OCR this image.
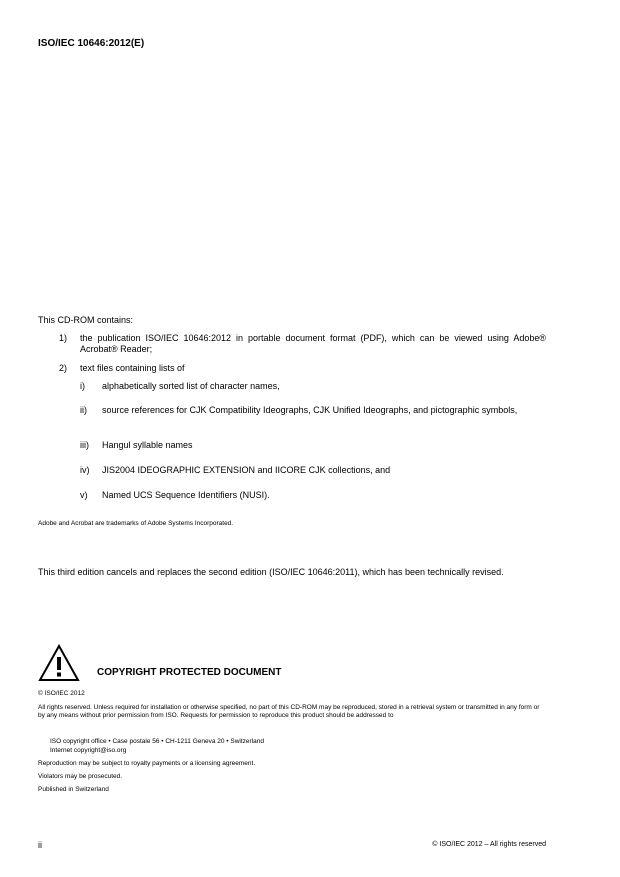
ISO/IEC 10646:2012(E)
This CD-ROM contains:
1) the publication ISO/IEC 10646:2012 in portable document format (PDF), which can be viewed using Adobe® Acrobat® Reader;
2) text files containing lists of
i) alphabetically sorted list of character names,
ii) source references for CJK Compatibility Ideographs, CJK Unified Ideographs, and pictographic symbols,
iii) Hangul syllable names
iv) JIS2004 IDEOGRAPHIC EXTENSION and IICORE CJK collections, and
v) Named UCS Sequence Identifiers (NUSI).
Adobe and Acrobat are trademarks of Adobe Systems Incorporated.
This third edition cancels and replaces the second edition (ISO/IEC 10646:2011), which has been technically revised.
COPYRIGHT PROTECTED DOCUMENT
© ISO/IEC 2012
All rights reserved. Unless required for installation or otherwise specified, no part of this CD-ROM may be reproduced, stored in a retrieval system or transmitted in any form or by any means without prior permission from ISO. Requests for permission to reproduce this product should be addressed to
ISO copyright office • Case postale 56 • CH-1211 Geneva 20 • Switzerland
Internet copyright@iso.org
Reproduction may be subject to royalty payments or a licensing agreement.
Violators may be prosecuted.
Published in Switzerland
ii	© ISO/IEC 2012 – All rights reserved
